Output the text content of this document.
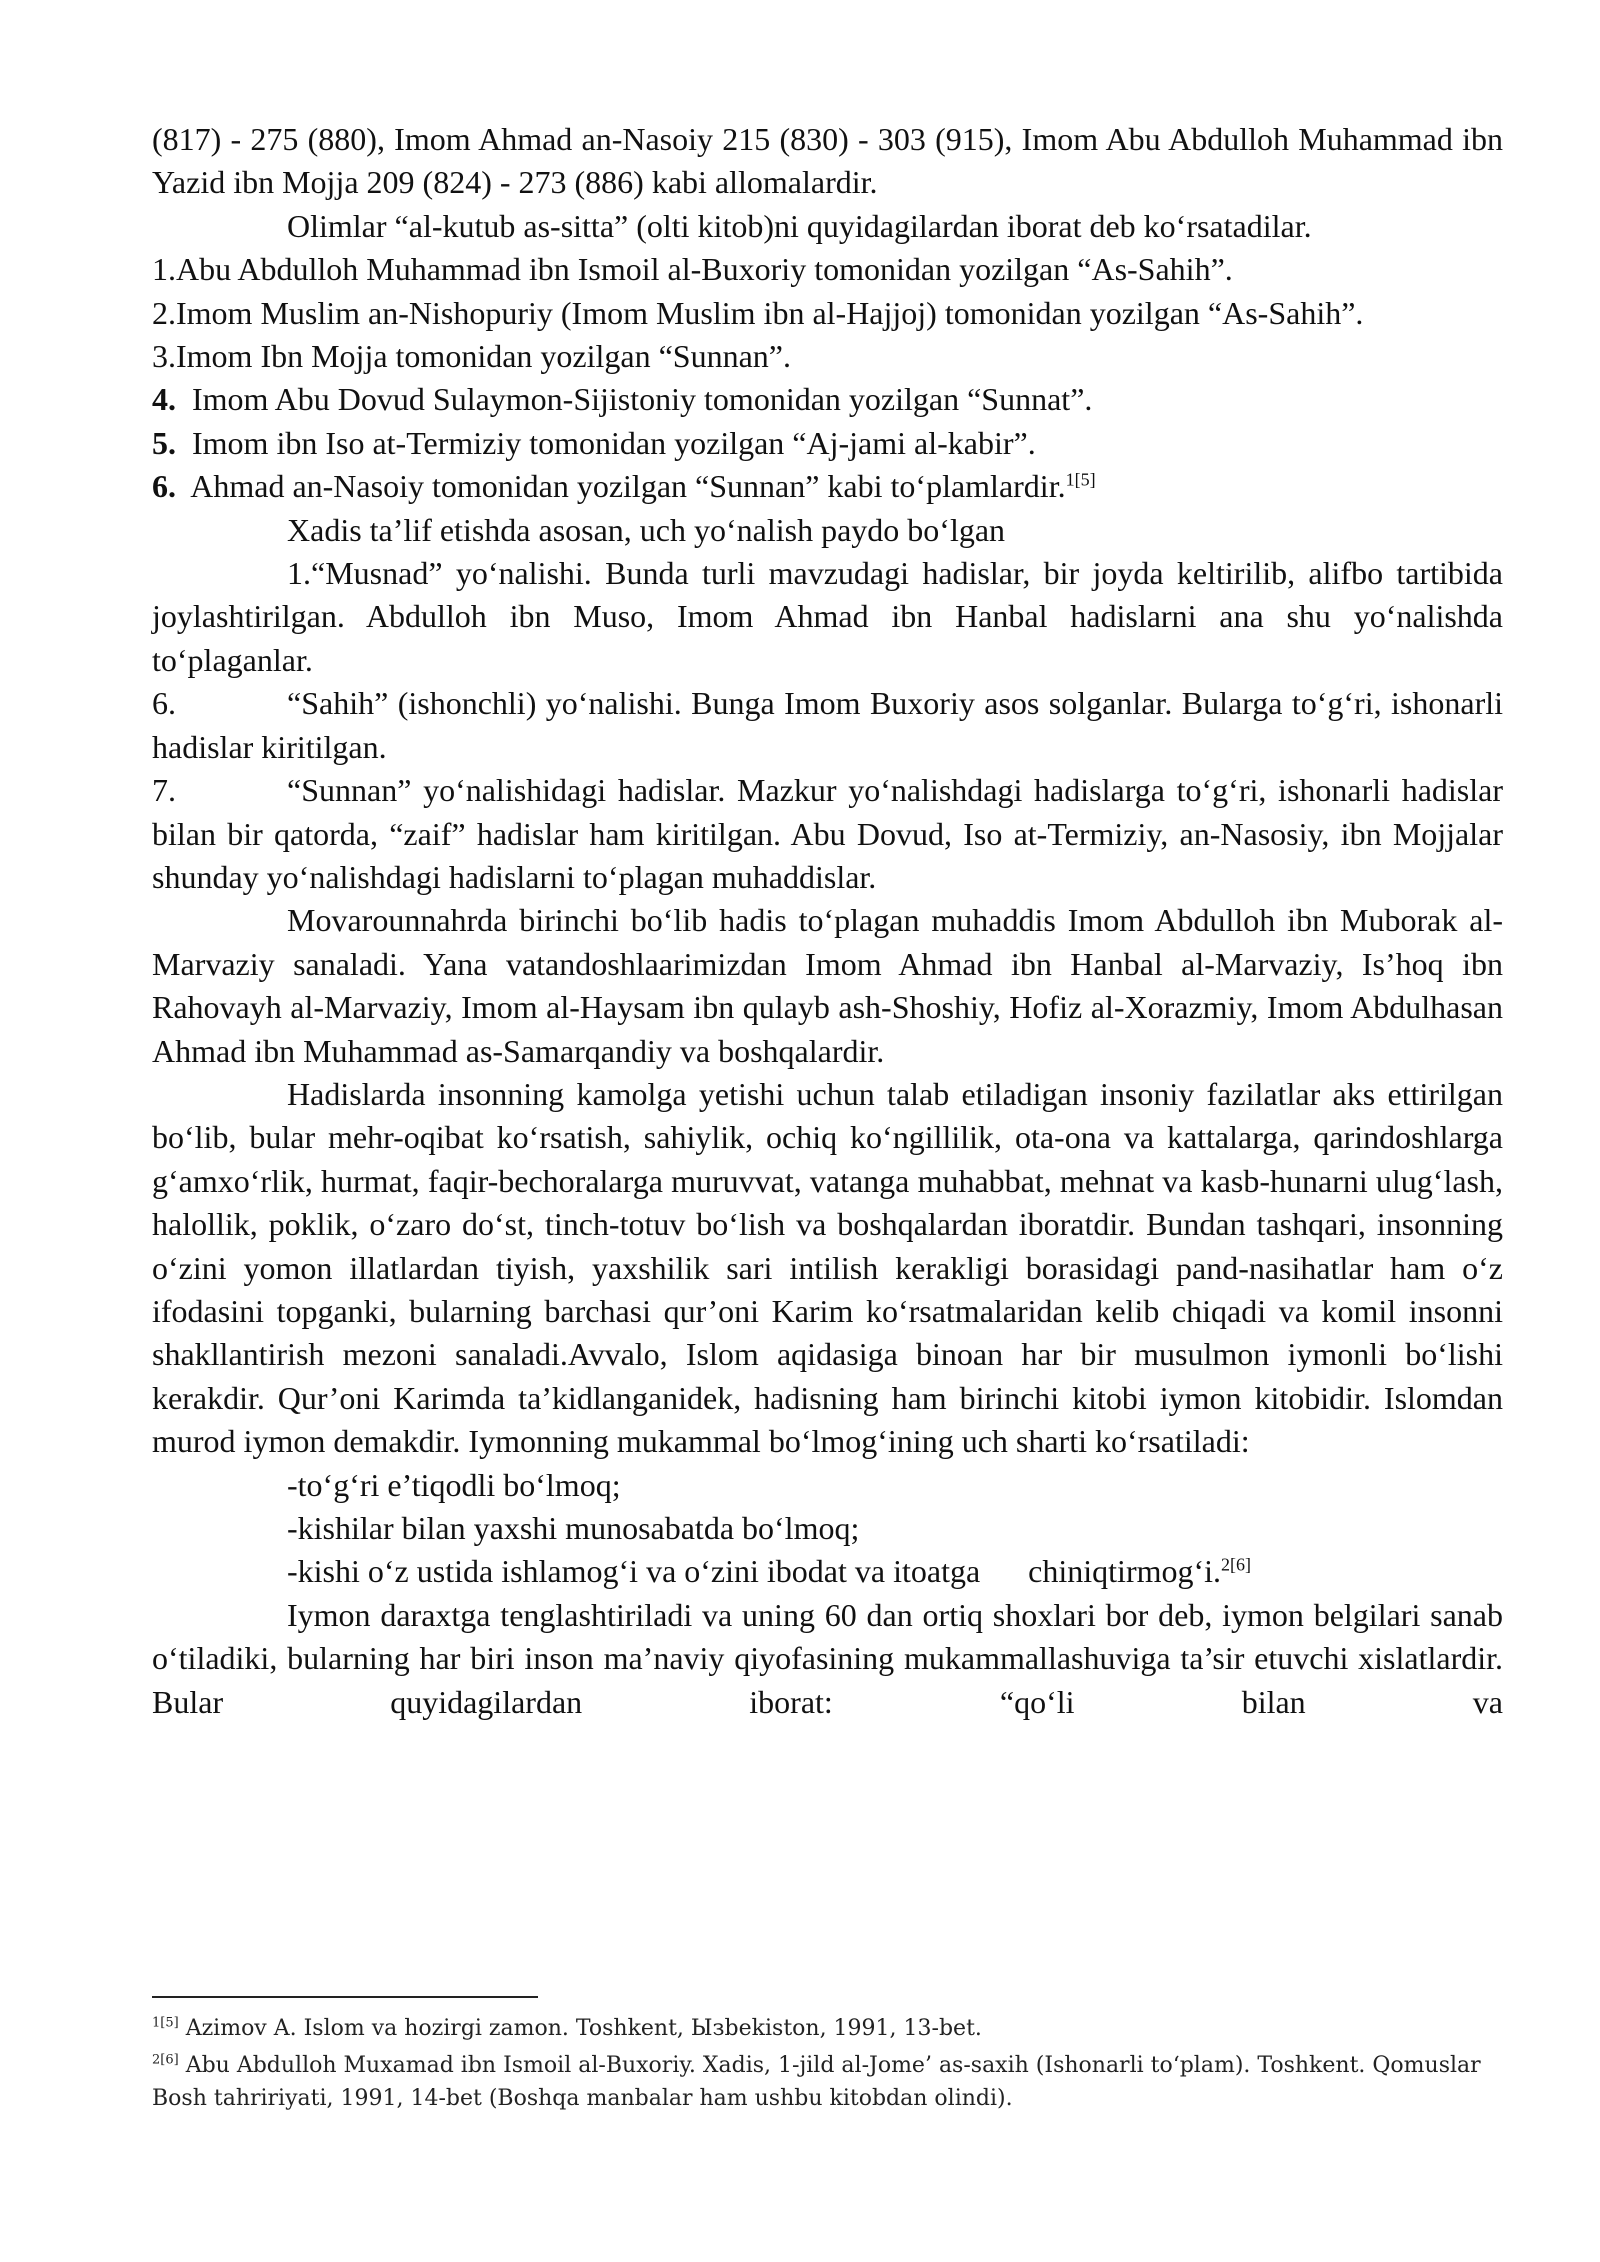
(817) - 275 (880), Imom Ahmad an-Nasoiy 215 (830) - 303 (915), Imom Abu Abdulloh Muhammad ibn Yazid ibn Mojja 209 (824) - 273 (886) kabi allomalardir.

Olimlar “al-kutub as-sitta” (olti kitob)ni quyidagilardan iborat deb koʻrsatadilar.

1.Abu Abdulloh Muhammad ibn Ismoil al-Buxoriy tomonidan yozilgan “As-Sahih”.

2.Imom Muslim an-Nishopuriy (Imom Muslim ibn al-Hajjoj) tomonidan yozilgan “As-Sahih”.

3.Imom Ibn Mojja tomonidan yozilgan “Sunnan”.

4. Imom Abu Dovud Sulaymon-Sijistoniy tomonidan yozilgan “Sunnat”.

5. Imom ibn Iso at-Termiziy tomonidan yozilgan “Aj-jami al-kabir”.

6. Ahmad an-Nasoiy tomonidan yozilgan “Sunnan” kabi toʻplamlardir.$^{1[5]}$

Xadis ta’lif etishda asosan, uch yoʻnalish paydo boʻlgan

1.“Musnad” yoʻnalishi. Bunda turli mavzudagi hadislar, bir joyda keltirilib, alifbo tartibida joylashtirilgan. Abdulloh ibn Muso, Imom Ahmad ibn Hanbal hadislarni ana shu yoʻnalishda toʻplaganlar.

6.	“Sahih” (ishonchli) yoʻnalishi. Bunga Imom Buxoriy asos solganlar. Bularga toʻgʻri, ishonarli hadislar kiritilgan.

7.	“Sunnan” yoʻnalishidagi hadislar. Mazkur yoʻnalishdagi hadislarga toʻgʻri, ishonarli hadislar bilan bir qatorda, “zaif” hadislar ham kiritilgan. Abu Dovud, Iso at-Termiziy, an-Nasosiy, ibn Mojjalar shunday yoʻnalishdagi hadislarni toʻplagan muhaddislar.

Movarounnahrda birinchi boʻlib hadis toʻplagan muhaddis Imom Abdulloh ibn Muborak al-Marvaziy sanaladi. Yana vatandoshlaarimizdan Imom Ahmad ibn Hanbal al-Marvaziy, Is’hoq ibn Rahovayh al-Marvaziy, Imom al-Haysam ibn qulayb ash-Shoshiy, Hofiz al-Xorazmiy, Imom Abdulhasan Ahmad ibn Muhammad as-Samarqandiy va boshqalardir.

Hadislarda insonning kamolga yetishi uchun talab etiladigan insoniy fazilatlar aks ettirilgan boʻlib, bular mehr-oqibat koʻrsatish, sahiylik, ochiq koʻngillilik, ota-ona va kattalarga, qarindoshlarga gʻamxoʻrlik, hurmat, faqir-bechoralarga muruvvat, vatanga muhabbat, mehnat va kasb-hunarni ulugʻlash, halollik, poklik, oʻzaro doʻst, tinch-totuv boʻlish va boshqalardan iboratdir. Bundan tashqari, insonning oʻzini yomon illatlardan tiyish, yaxshilik sari intilish kerakligi borasidagi pand-nasihatlar ham oʻz ifodasini topganki, bularning barchasi qur’oni Karim koʻrsatmalaridan kelib chiqadi va komil insonni shakllantirish mezoni sanaladi.Avvalo, Islom aqidasiga binoan har bir musulmon iymonli boʻlishi kerakdir. Qur’oni Karimda ta’kidlanganidek, hadisning ham birinchi kitobi iymon kitobidir. Islomdan murod iymon demakdir. Iymonning mukammal boʻlmogʻining uch sharti koʻrsatiladi:

-toʻgʻri e’tiqodli boʻlmoq;

-kishilar bilan yaxshi munosabatda boʻlmoq;

-kishi oʻz ustida ishlamogʻi va oʻzini ibodat va itoatga chiniqtirmogʻi.$^{2[6]}$

Iymon daraxtga tenglashtiriladi va uning 60 dan ortiq shoxlari bor deb, iymon belgilari sanab oʻtiladiki, bularning har biri inson ma’naviy qiyofasining mukammallashuviga ta’sir etuvchi xislatlardir. Bular quyidagilardan iborat: “qoʻli bilan va

$^{1[5]}$ Azimov A. Islom va hozirgi zamon. Toshkent, Ызbekiston, 1991, 13-bet.

$^{2[6]}$ Abu Abdulloh Muxamad ibn Ismoil al-Buxoriy. Xadis, 1-jild al-Jome’ as-saxih (Ishonarli toʻplam). Toshkent. Qomuslar Bosh tahririyati, 1991, 14-bet (Boshqa manbalar ham ushbu kitobdan olindi).
